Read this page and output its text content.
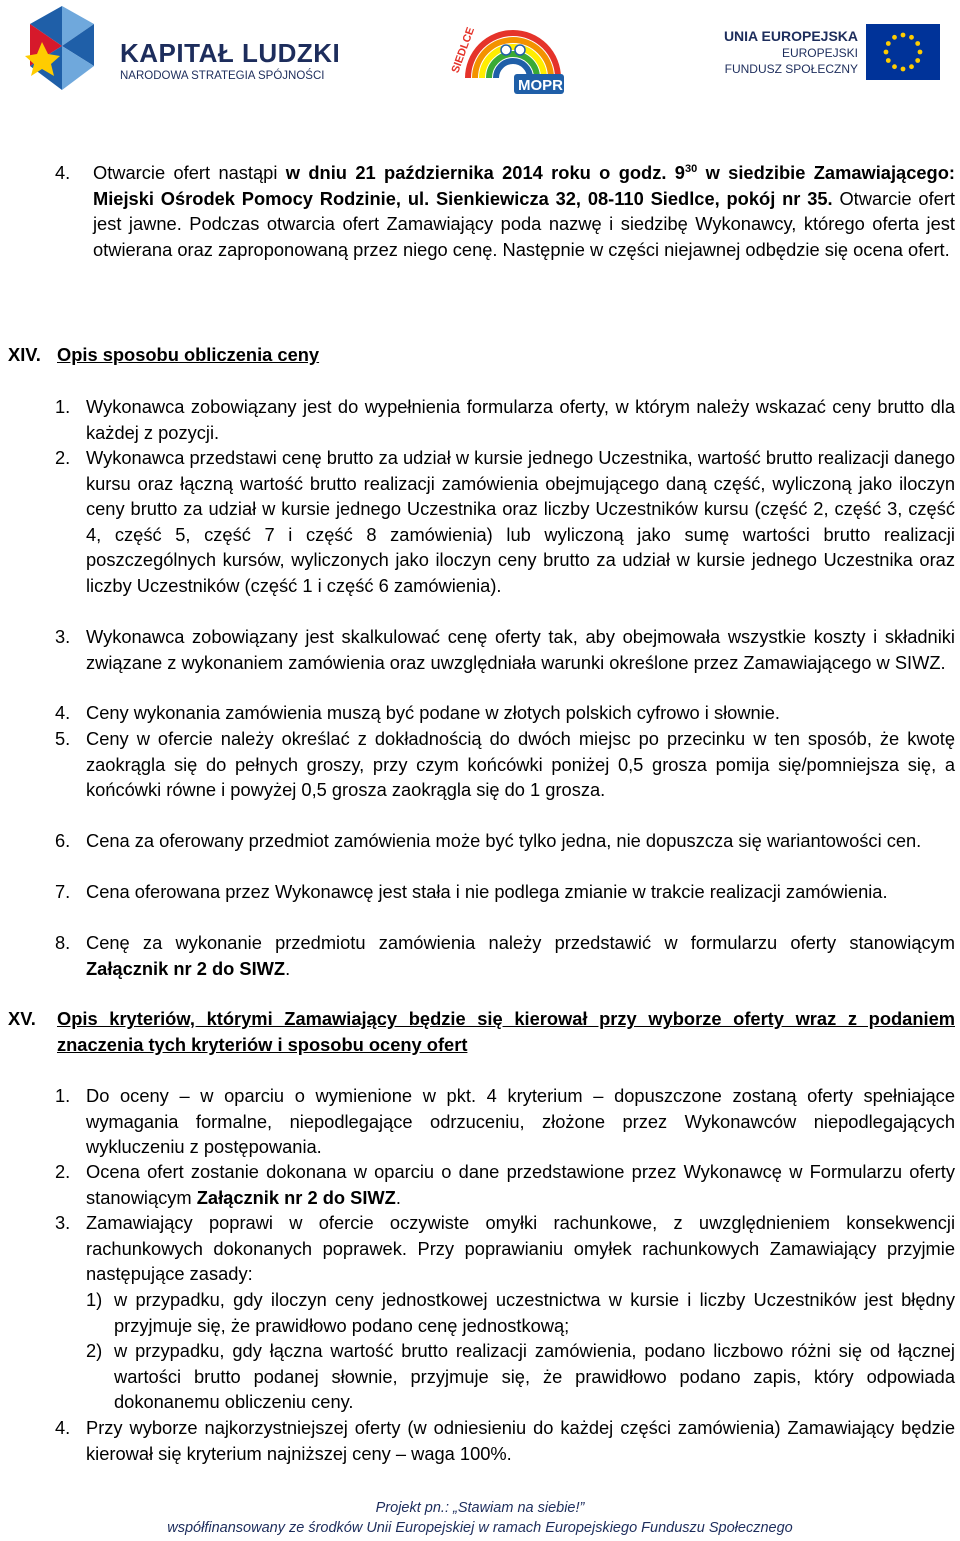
KAPITAŁ LUDZKI
NARODOWA STRATEGIA SPÓJNOŚCI
SIEDLCE
MOPR
UNIA EUROPEJSKA
EUROPEJSKI
FUNDUSZ SPOŁECZNY
4. Otwarcie ofert nastąpi w dniu 21 października 2014 roku o godz. $9^{30}$ w siedzibie Zamawiającego: Miejski Ośrodek Pomocy Rodzinie, ul. Sienkiewicza 32, 08-110 Siedlce, pokój nr 35. Otwarcie ofert jest jawne. Podczas otwarcia ofert Zamawiający poda nazwę i siedzibę Wykonawcy, którego oferta jest otwierana oraz zaproponowaną przez niego cenę. Następnie w części niejawnej odbędzie się ocena ofert.
XIV. Opis sposobu obliczenia ceny
1. Wykonawca zobowiązany jest do wypełnienia formularza oferty, w którym należy wskazać ceny brutto dla każdej z pozycji.
2. Wykonawca przedstawi cenę brutto za udział w kursie jednego Uczestnika, wartość brutto realizacji danego kursu oraz łączną wartość brutto realizacji zamówienia obejmującego daną część, wyliczoną jako iloczyn ceny brutto za udział w kursie jednego Uczestnika oraz liczby Uczestników kursu (część 2, część 3, część 4, część 5, część 7 i część 8 zamówienia) lub wyliczoną jako sumę wartości brutto realizacji poszczególnych kursów, wyliczonych jako iloczyn ceny brutto za udział w kursie jednego Uczestnika oraz liczby Uczestników (część 1 i część 6 zamówienia).
3. Wykonawca zobowiązany jest skalkulować cenę oferty tak, aby obejmowała wszystkie koszty i składniki związane z wykonaniem zamówienia oraz uwzględniała warunki określone przez Zamawiającego w SIWZ.
4. Ceny wykonania zamówienia muszą być podane w złotych polskich cyfrowo i słownie.
5. Ceny w ofercie należy określać z dokładnością do dwóch miejsc po przecinku w ten sposób, że kwotę zaokrągla się do pełnych groszy, przy czym końcówki poniżej 0,5 grosza pomija się/pomniejsza się, a końcówki równe i powyżej 0,5 grosza zaokrągla się do 1 grosza.
6. Cena za oferowany przedmiot zamówienia może być tylko jedna, nie dopuszcza się wariantowości cen.
7. Cena oferowana przez Wykonawcę jest stała i nie podlega zmianie w trakcie realizacji zamówienia.
8. Cenę za wykonanie przedmiotu zamówienia należy przedstawić w formularzu oferty stanowiącym Załącznik nr 2 do SIWZ.
XV. Opis kryteriów, którymi Zamawiający będzie się kierował przy wyborze oferty wraz z podaniem znaczenia tych kryteriów i sposobu oceny ofert
1. Do oceny – w oparciu o wymienione w pkt. 4 kryterium – dopuszczone zostaną oferty spełniające wymagania formalne, niepodlegające odrzuceniu, złożone przez Wykonawców niepodlegających wykluczeniu z postępowania.
2. Ocena ofert zostanie dokonana w oparciu o dane przedstawione przez Wykonawcę w Formularzu oferty stanowiącym Załącznik nr 2 do SIWZ.
3. Zamawiający poprawi w ofercie oczywiste omyłki rachunkowe, z uwzględnieniem konsekwencji rachunkowych dokonanych poprawek. Przy poprawianiu omyłek rachunkowych Zamawiający przyjmie następujące zasady:
1) w przypadku, gdy iloczyn ceny jednostkowej uczestnictwa w kursie i liczby Uczestników jest błędny przyjmuje się, że prawidłowo podano cenę jednostkową;
2) w przypadku, gdy łączna wartość brutto realizacji zamówienia, podano liczbowo różni się od łącznej wartości brutto podanej słownie, przyjmuje się, że prawidłowo podano zapis, który odpowiada dokonanemu obliczeniu ceny.
4. Przy wyborze najkorzystniejszej oferty (w odniesieniu do każdej części zamówienia) Zamawiający będzie kierował się kryterium najniższej ceny – waga 100%.
Projekt pn.: „Stawiam na siebie!”
współfinansowany ze środków Unii Europejskiej w ramach Europejskiego Funduszu Społecznego
